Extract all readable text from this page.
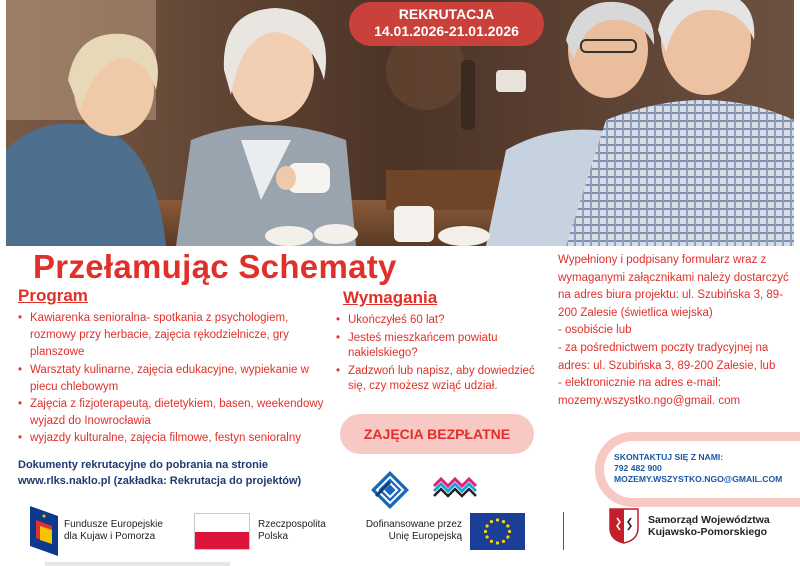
REKRUTACJA
14.01.2026-21.01.2026
Przełamując Schematy
Program
• Kawiarenka senioralna- spotkania z psychologiem, rozmowy przy herbacie, zajęcia rękodzielnicze, gry planszowe
• Warsztaty kulinarne, zajęcia edukacyjne, wypiekanie w piecu chlebowym
• Zajęcia z fizjoterapeutą, dietetykiem, basen, weekendowy wyjazd do Inowrocławia
• wyjazdy kulturalne, zajęcia filmowe, festyn senioralny
Wymagania
• Ukończyłeś 60 lat?
• Jesteś mieszkańcem powiatu nakielskiego?
• Zadzwoń lub napisz, aby dowiedzieć się, czy możesz wziąć udział.
ZAJĘCIA BEZPŁATNE
Wypełniony i podpisany formularz wraz z wymaganymi załącznikami należy dostarczyć na adres biura projektu: ul. Szubińska 3, 89-200 Zalesie (świetlica wiejska)
- osobiście lub
- za pośrednictwem poczty tradycyjnej na adres: ul. Szubińska 3, 89-200 Zalesie, lub
- elektronicznie na adres e-mail: mozemy.wszystko.ngo@gmail. com
SKONTAKTUJ SIĘ Z NAMI:
792 482 900
MOZEMY.WSZYSTKO.NGO@GMAIL.COM
Dokumenty rekrutacyjne do pobrania na stronie
www.rlks.naklo.pl (zakładka: Rekrutacja do projektów)
Fundusze Europejskie
dla Kujaw i Pomorza
Rzeczpospolita
Polska
Dofinansowane przez
Unię Europejską
Samorząd Województwa
Kujawsko-Pomorskiego
